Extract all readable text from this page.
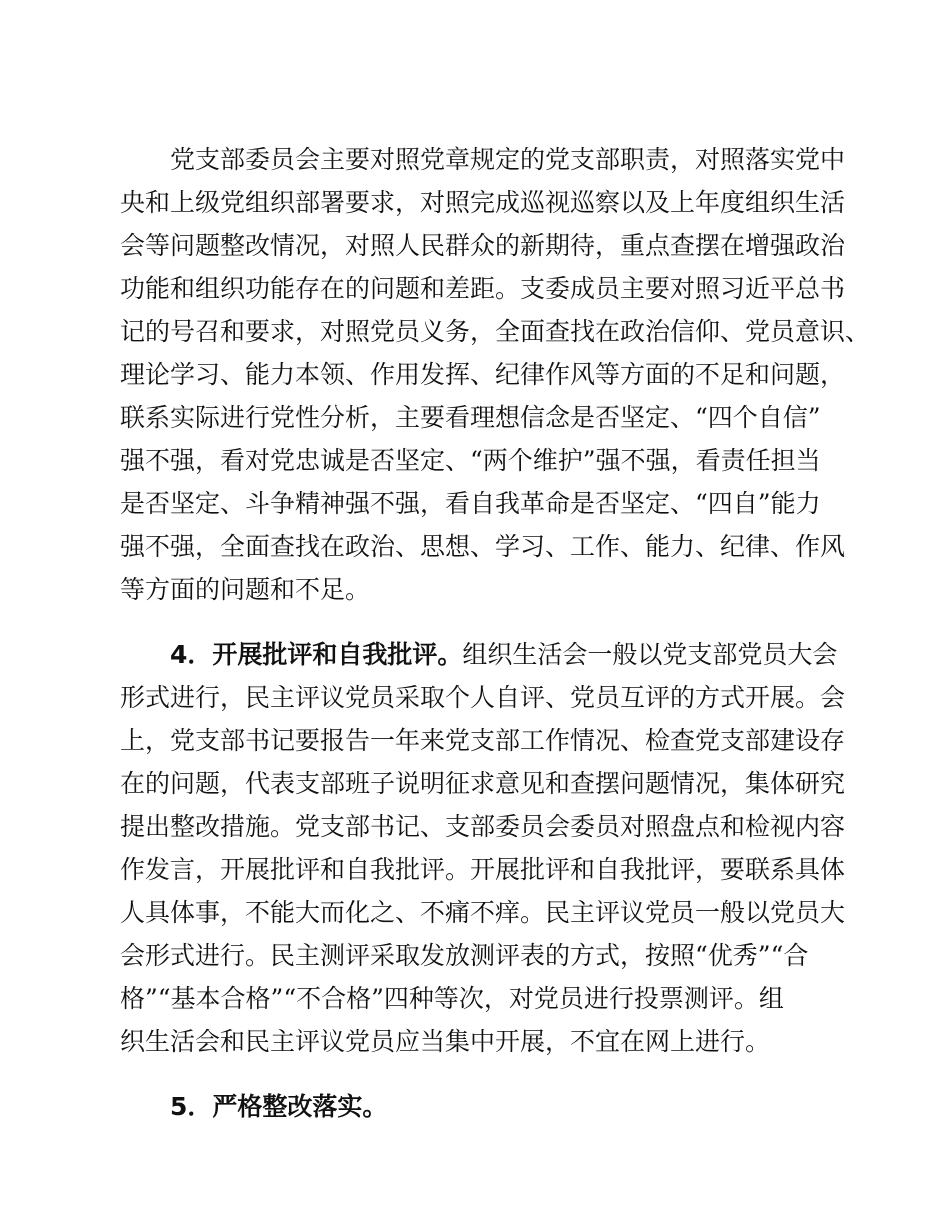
党支部委员会主要对照党章规定的党支部职责，对照落实党中
央和上级党组织部署要求，对照完成巡视巡察以及上年度组织生活
会等问题整改情况，对照人民群众的新期待，重点查摆在增强政治
功能和组织功能存在的问题和差距。支委成员主要对照习近平总书
记的号召和要求，对照党员义务，全面查找在政治信仰、党员意识、
理论学习、能力本领、作用发挥、纪律作风等方面的不足和问题，
联系实际进行党性分析，主要看理想信念是否坚定、“四个自信”
强不强，看对党忠诚是否坚定、“两个维护”强不强，看责任担当
是否坚定、斗争精神强不强，看自我革命是否坚定、“四自”能力
强不强，全面查找在政治、思想、学习、工作、能力、纪律、作风
等方面的问题和不足。
4．开展批评和自我批评。组织生活会一般以党支部党员大会
形式进行，民主评议党员采取个人自评、党员互评的方式开展。会
上，党支部书记要报告一年来党支部工作情况、检查党支部建设存
在的问题，代表支部班子说明征求意见和查摆问题情况，集体研究
提出整改措施。党支部书记、支部委员会委员对照盘点和检视内容
作发言，开展批评和自我批评。开展批评和自我批评，要联系具体
人具体事，不能大而化之、不痛不痒。民主评议党员一般以党员大
会形式进行。民主测评采取发放测评表的方式，按照“优秀”“合
格”“基本合格”“不合格”四种等次，对党员进行投票测评。组
织生活会和民主评议党员应当集中开展，不宜在网上进行。
5．严格整改落实。
